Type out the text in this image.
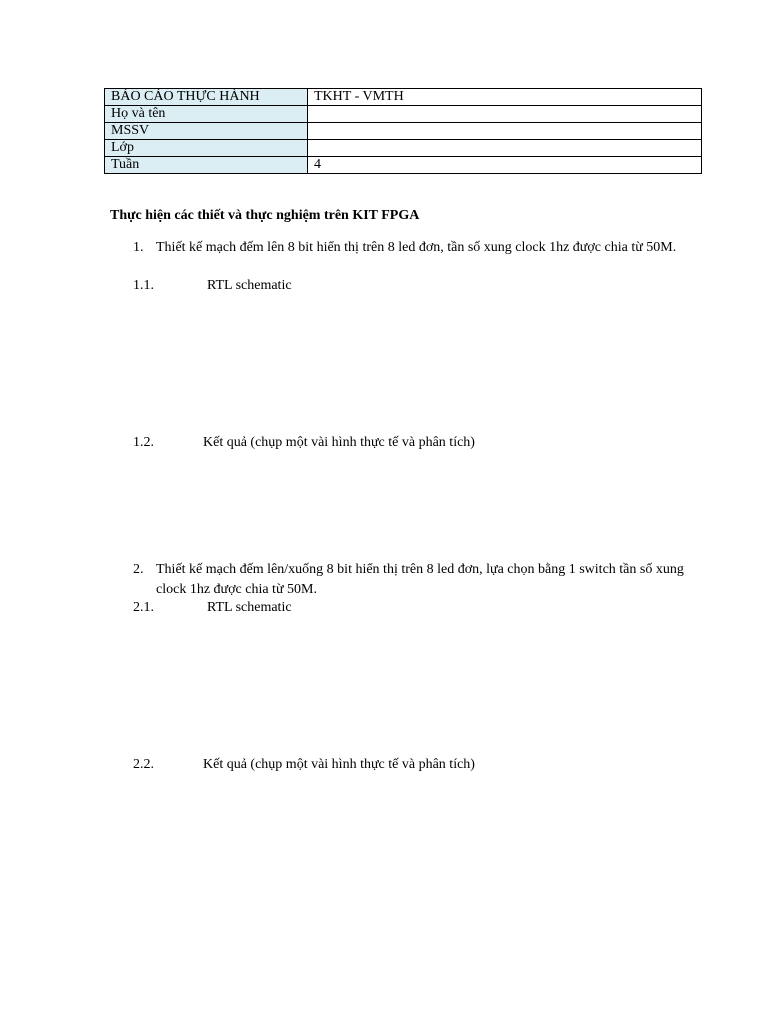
BÁO CÁO THỰC HÀNH	TKHT - VMTH
Họ và tên	
MSSV	
Lớp	
Tuần	4
Thực hiện các thiết và thực nghiệm trên KIT FPGA
1. Thiết kế mạch đếm lên 8 bit hiển thị trên 8 led đơn, tần số xung clock 1hz được chia từ 50M.
1.1.	RTL schematic
1.2.	Kết quả (chụp một vài hình thực tế và phân tích)
2. Thiết kế mạch đếm lên/xuống 8 bit hiển thị trên 8 led đơn, lựa chọn bằng 1 switch tần số xung clock 1hz được chia từ 50M.
2.1.	RTL schematic
2.2.	Kết quả (chụp một vài hình thực tế và phân tích)
